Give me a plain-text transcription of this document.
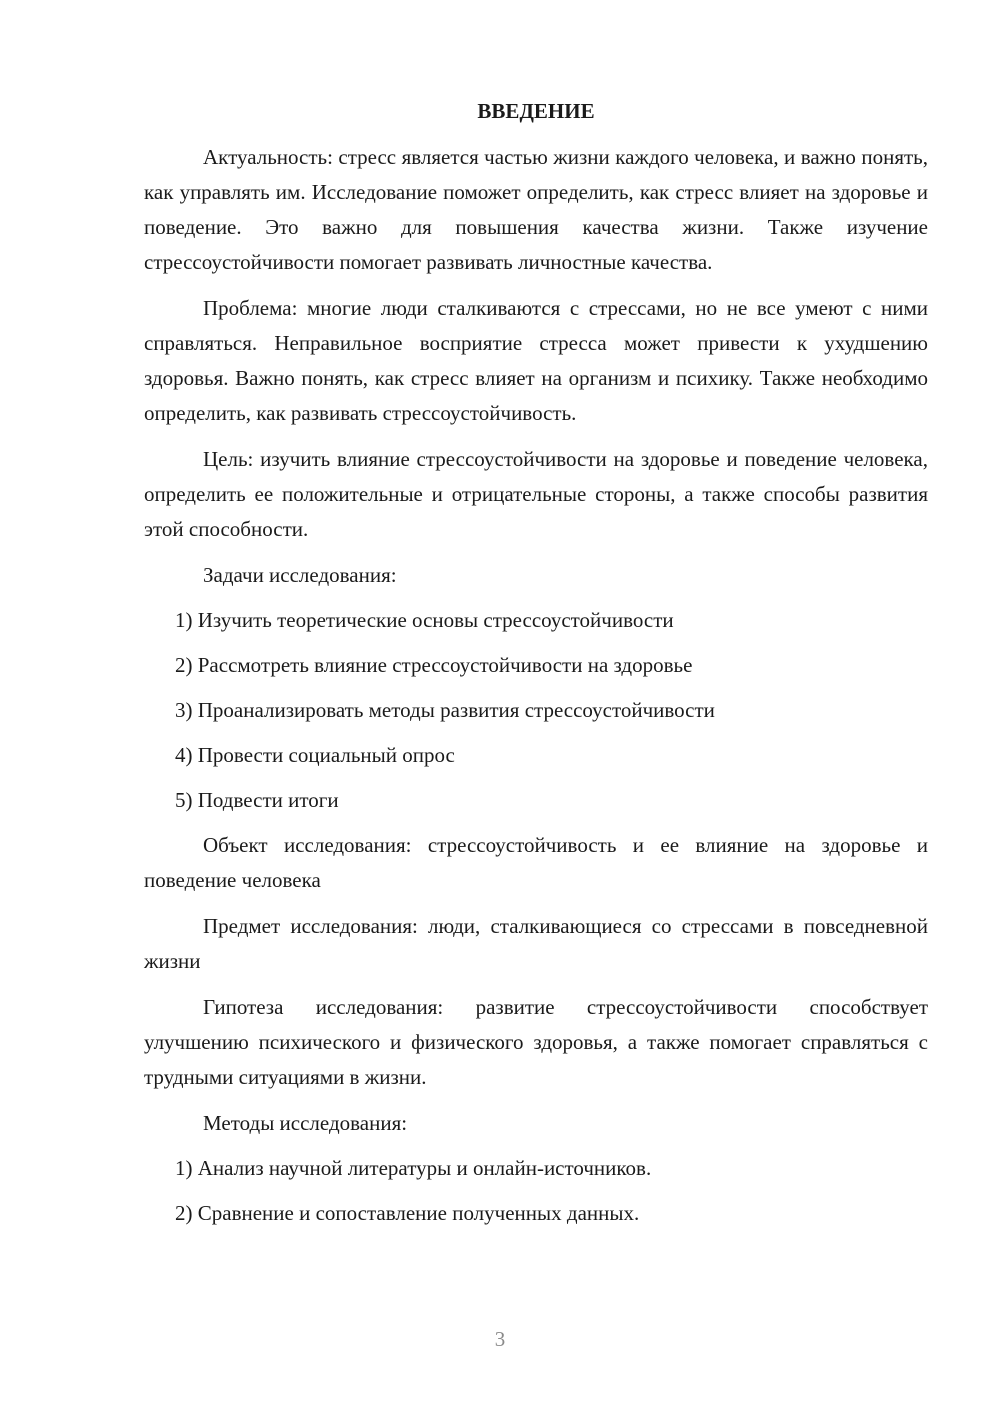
ВВЕДЕНИЕ

Актуальность: стресс является частью жизни каждого человека, и важно понять, как управлять им. Исследование поможет определить, как стресс влияет на здоровье и поведение. Это важно для повышения качества жизни. Также изучение стрессоустойчивости помогает развивать личностные качества.

Проблема: многие люди сталкиваются с стрессами, но не все умеют с ними справляться. Неправильное восприятие стресса может привести к ухудшению здоровья. Важно понять, как стресс влияет на организм и психику. Также необходимо определить, как развивать стрессоустойчивость.

Цель: изучить влияние стрессоустойчивости на здоровье и поведение человека, определить ее положительные и отрицательные стороны, а также способы развития этой способности.

Задачи исследования:

1) Изучить теоретические основы стрессоустойчивости

2) Рассмотреть влияние стрессоустойчивости на здоровье

3) Проанализировать методы развития стрессоустойчивости

4) Провести социальный опрос

5) Подвести итоги

Объект исследования: стрессоустойчивость и ее влияние на здоровье и поведение человека

Предмет исследования: люди, сталкивающиеся со стрессами в повседневной жизни

Гипотеза исследования: развитие стрессоустойчивости способствует улучшению психического и физического здоровья, а также помогает справляться с трудными ситуациями в жизни.

Методы исследования:

1) Анализ научной литературы и онлайн-источников.

2) Сравнение и сопоставление полученных данных.

3
